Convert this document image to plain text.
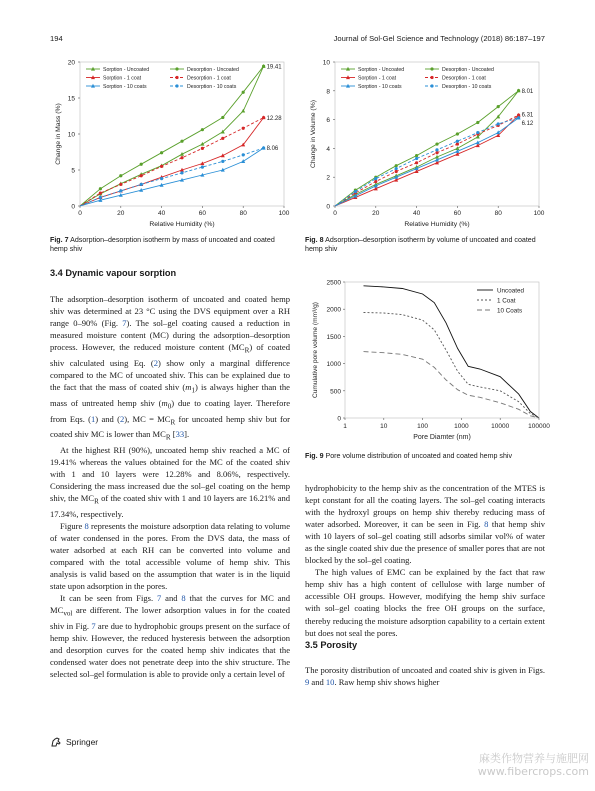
194	Journal of Sol-Gel Science and Technology (2018) 86:187–197
0
5
10
15
20
0	20	40	60	80	100
Relative Humidity (%)
Change in Mass (%)
19.41
12.28
8.06
Sorption - Uncoated	Desorption - Uncoated
Sorption - 1 coat	Desorption - 1 coat
Sorption - 10 coats	Desorption - 10 coats
Fig. 7 Adsorption–desorption isotherm by mass of uncoated and coated hemp shiv
0
2
4
6
8
10
0	20	40	60	80	100
Relative Humidity (%)
Change in Volume (%)
8.01
6.31
6.12
Sorption - Uncoated	Desorption - Uncoated
Sorption - 1 coat	Desorption - 1 coat
Sorption - 10 coats	Desorption - 10 coats
Fig. 8 Adsorption–desorption isotherm by volume of uncoated and coated hemp shiv
3.4 Dynamic vapour sorption

The adsorption–desorption isotherm of uncoated and coated hemp shiv was determined at 23 °C using the DVS equipment over a RH range 0–90% (Fig. 7). The sol–gel coating caused a reduction in measured moisture content (MC) during the adsorption–desorption process. However, the reduced moisture content $(MC_R)$ of coated shiv calculated using Eq. (2) show only a marginal difference compared to the MC of uncoated shiv. This can be explained due to the fact that the mass of coated shiv $(m_1)$ is always higher than the mass of untreated hemp shiv $(m_0)$ due to coating layer. Therefore from Eqs. (1) and (2), MC = $MC_R$ for uncoated hemp shiv but for coated shiv MC is lower than $MC_R$ [33].

At the highest RH (90%), uncoated hemp shiv reached a MC of 19.41% whereas the values obtained for the MC of the coated shiv with 1 and 10 layers were 12.28% and 8.06%, respectively. Considering the mass increased due the sol–gel coating on the hemp shiv, the $MC_R$ of the coated shiv with 1 and 10 layers are 16.21% and 17.34%, respectively.

Figure 8 represents the moisture adsorption data relating to volume of water condensed in the pores. From the DVS data, the mass of water adsorbed at each RH can be converted into volume and compared with the total accessible volume of hemp shiv. This analysis is valid based on the assumption that water is in the liquid state upon adsorption in the pores.

It can be seen from Figs. 7 and 8 that the curves for MC and $MC_{vol}$ are different. The lower adsorption values in for the coated shiv in Fig. 7 are due to hydrophobic groups present on the surface of hemp shiv. However, the reduced hysteresis between the adsorption and desorption curves for the coated hemp shiv indicates that the condensed water does not penetrate deep into the shiv structure. The selected sol–gel formulation is able to provide only a certain level of

0
500
1000
1500
2000
2500
1	10	100	1000	10000	100000
Pore Diamter (nm)
Cumulative pore volume (mm³/g)
Uncoated
1 Coat
10 Coats
Fig. 9 Pore volume distribution of uncoated and coated hemp shiv

hydrophobicity to the hemp shiv as the concentration of the MTES is kept constant for all the coating layers. The sol–gel coating interacts with the hydroxyl groups on hemp shiv thereby reducing mass of water adsorbed. Moreover, it can be seen in Fig. 8 that hemp shiv with 10 layers of sol–gel coating still adsorbs similar vol% of water as the single coated shiv due the presence of smaller pores that are not blocked by the sol–gel coating.

The high values of EMC can be explained by the fact that raw hemp shiv has a high content of cellulose with large number of accessible OH groups. However, modifying the hemp shiv surface with sol–gel coating blocks the free OH groups on the surface, thereby reducing the moisture adsorption capability to a certain extent but does not seal the pores.

3.5 Porosity

The porosity distribution of uncoated and coated shiv is given in Figs. 9 and 10. Raw hemp shiv shows higher

Springer
麻类作物营养与施肥网
www.fibercrops.com
